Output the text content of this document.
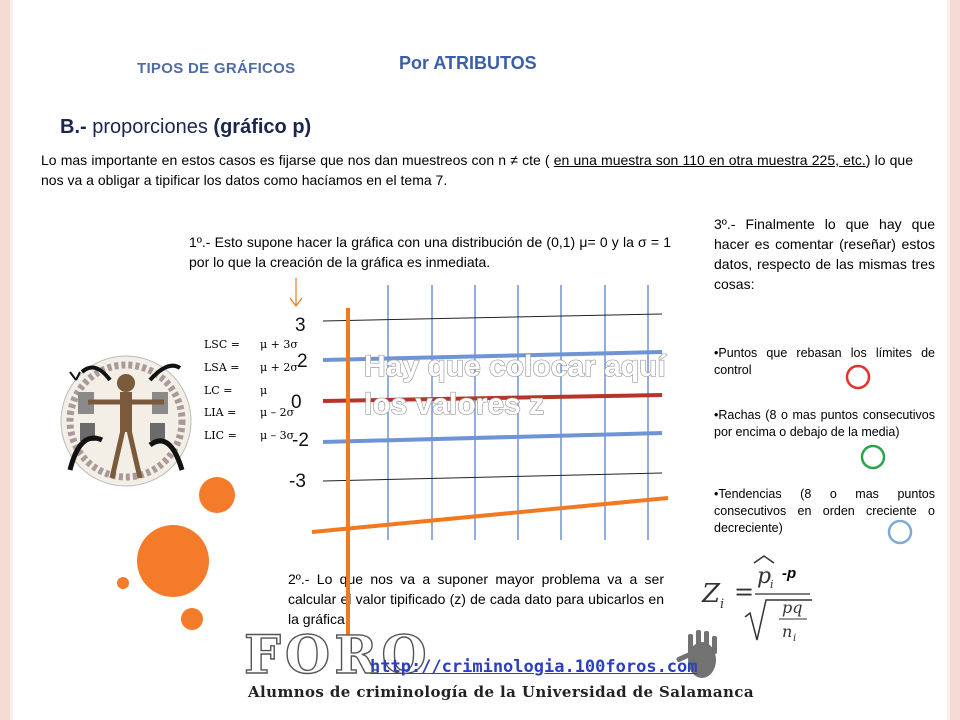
TIPOS DE GRÁFICOS	Por ATRIBUTOS
B.- proporciones (gráfico p)
Lo mas importante en estos casos es fijarse que nos dan muestreos con n ≠ cte ( en una muestra son 110 en otra muestra 225, etc.) lo que nos va a obligar a tipificar los datos como hacíamos en el tema 7.
1º.- Esto supone hacer la gráfica con una distribución de (0,1) μ= 0 y la σ = 1 por lo que la creación de la gráfica es inmediata.
2º.- Lo que nos va a suponer mayor problema va a ser calcular el valor tipificado (z) de cada dato para ubicarlos en la gráfica
3º.- Finalmente lo que hay que hacer es comentar (reseñar) estos datos, respecto de las mismas tres cosas:
•Puntos que rebasan los límites de control
•Rachas (8 o mas puntos consecutivos por encima o debajo de la media)
•Tendencias (8 o mas puntos consecutivos en orden creciente o decreciente)
LSC = μ + 3σ
LSA = μ + 2σ
LC =	μ
LIA = μ – 2σ
LIC = μ – 3σ
3
2
0
-2
-3
Hay que colocar aquí
los valores z
Z i =
p
i
-p
pq
n i
FORO
http://criminologia.100foros.com
Alumnos de criminología de la Universidad de Salamanca
